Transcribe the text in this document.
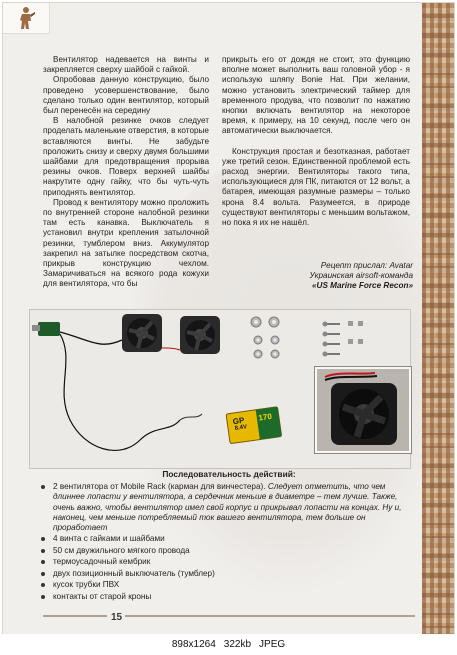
Вентилятор надевается на винты и закрепляется сверху шайбой с гайкой.

Опробовав данную конструкцию, было проведено усовершенствование, было сделано только один вентилятор, который был перенесён на середину

В налобной резинке очков следует проделать маленькие отверстия, в которые вставляются винты. Не забудьте проложить снизу и сверху двумя большими шайбами для предотвращения прорыва резины очков. Поверх верхней шайбы накрутите одну гайку, что бы чуть-чуть приподнять вентилятор.

Провод к вентилятору можно проложить по внутренней стороне налобной резинки там есть канавка. Выключатель я установил внутри крепления затылочной резинки, тумблером вниз. Аккумулятор закрепил на затылке посредством скотча, прикрыв конструкцию чехлом. Замаричиваться на всякого рода кожухи для вентилятора, что бы

прикрыть его от дождя не стоит, это функцию вполне может выполнить ваш головной убор - я использую шляпу Bonie Hat. При желании, можно установить электрический таймер для временного продува, что позволит по нажатию кнопки включать вентилятор на некоторое время, к примеру, на 10 секунд, после чего он автоматически выключается.

Конструкция простая и безотказная, работает уже третий сезон. Единственной проблемой есть расход энергии. Вентиляторы такого типа, использующиеся для ПК, питаются от 12 вольт, а батарея, имеющая разумные размеры – только крона 8.4 вольта. Разумеется, в природе существуют вентиляторы с меньшим вольтажом, но пока я их не нашёл.

Рецепт прислал: Avatar
Украинская airsoft-команда
«US Marine Force Recon»
GP 170
8.4V
Последовательность действий:
2 вентилятора от Mobile Rack (карман для винчестера). Следует отметить, что чем длиннее лопасти у вентилятора, а сердечник меньше в диаметре – тем лучше. Также, очень важно, чтобы вентилятор имел свой корпус и прикрывал лопасти на концах. Ну и, наконец, чем меньше потребляемый ток вашего вентилятора, тем дольше он проработает
4 винта с гайками и шайбами
50 см двужильного мягкого провода
термоусадочный кембрик
двух позиционный выключатель (тумблер)
кусок трубки ПВХ
контакты от старой кроны
15
898x1264 322kb JPEG
